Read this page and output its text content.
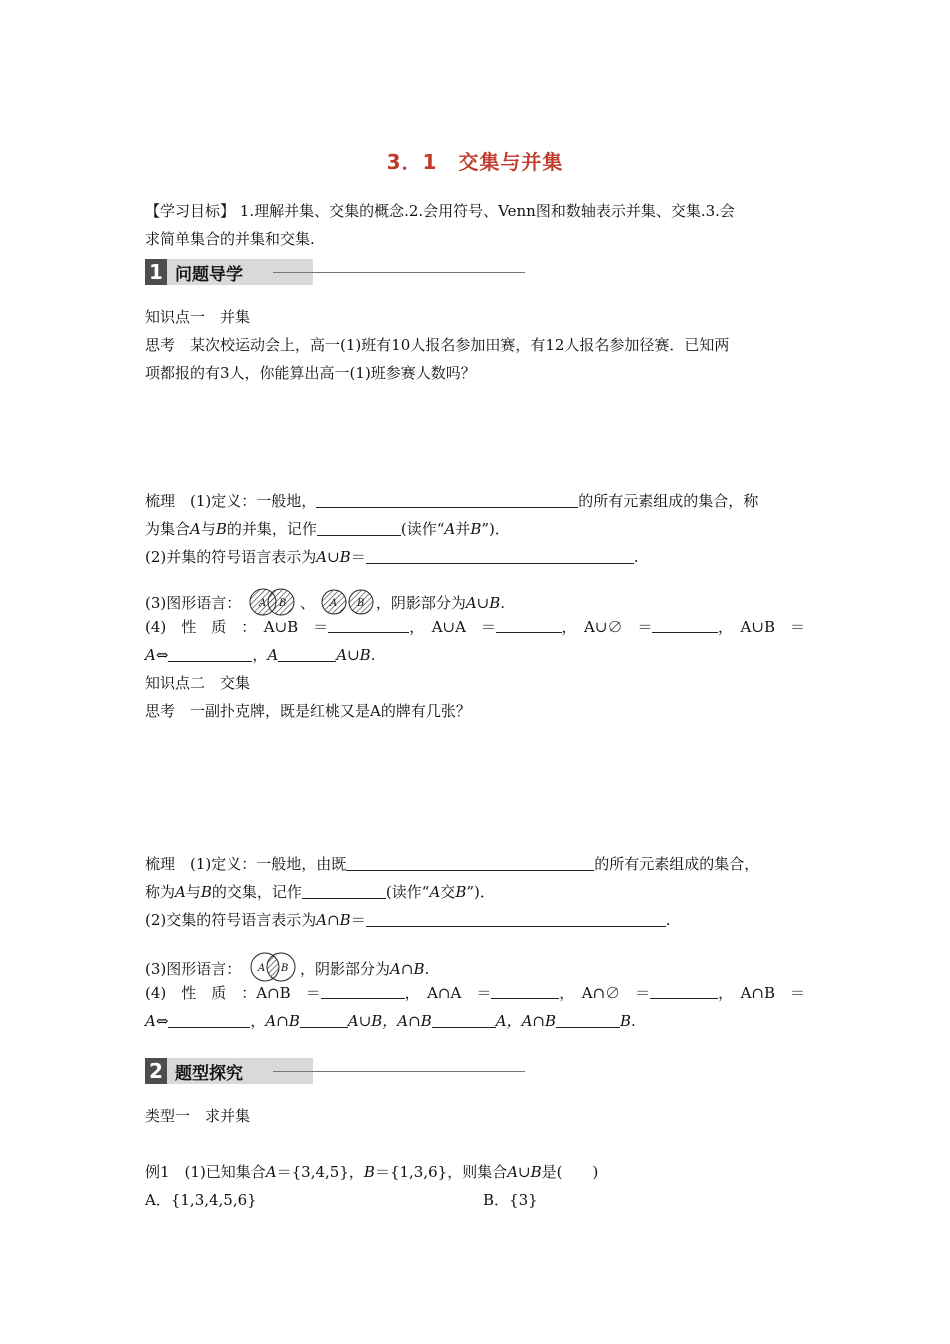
3．1　交集与并集
【学习目标】 1.理解并集、交集的概念.2.会用符号、Venn图和数轴表示并集、交集.3.会
求简单集合的并集和交集.
1 问题导学
知识点一　并集
思考　某次校运动会上，高一(1)班有10人报名参加田赛，有12人报名参加径赛．已知两
项都报的有3人，你能算出高一(1)班参赛人数吗？
梳理　(1)定义：一般地，	的所有元素组成的集合，称
为集合A与B的并集，记作	(读作“A并B”)．
(2)并集的符号语言表示为A∪B＝	.
(3)图形语言： A B 、 A B ，阴影部分为A∪B.
(4)　性　质　：　A∪B　＝	，　A∪A　＝	，　A∪∅　＝	，　A∪B　＝
A⇔	，A	A∪B.
知识点二　交集
思考　一副扑克牌，既是红桃又是A的牌有几张？
梳理　(1)定义：一般地，由既	的所有元素组成的集合，
称为A与B的交集，记作	(读作“A交B”)．
(2)交集的符号语言表示为A∩B＝	.
(3)图形语言： A B ，阴影部分为A∩B.
(4)　性　质　：A∩B　＝	，　A∩A　＝	，　A∩∅　＝	，　A∩B　＝
A⇔	，A∩B	A∪B，A∩B	A，A∩B	B.
2 题型探究
类型一　求并集
例1　(1)已知集合A＝{3,4,5}，B＝{1,3,6}，则集合A∪B是(　　)
A．{1,3,4,5,6}	B．{3}
